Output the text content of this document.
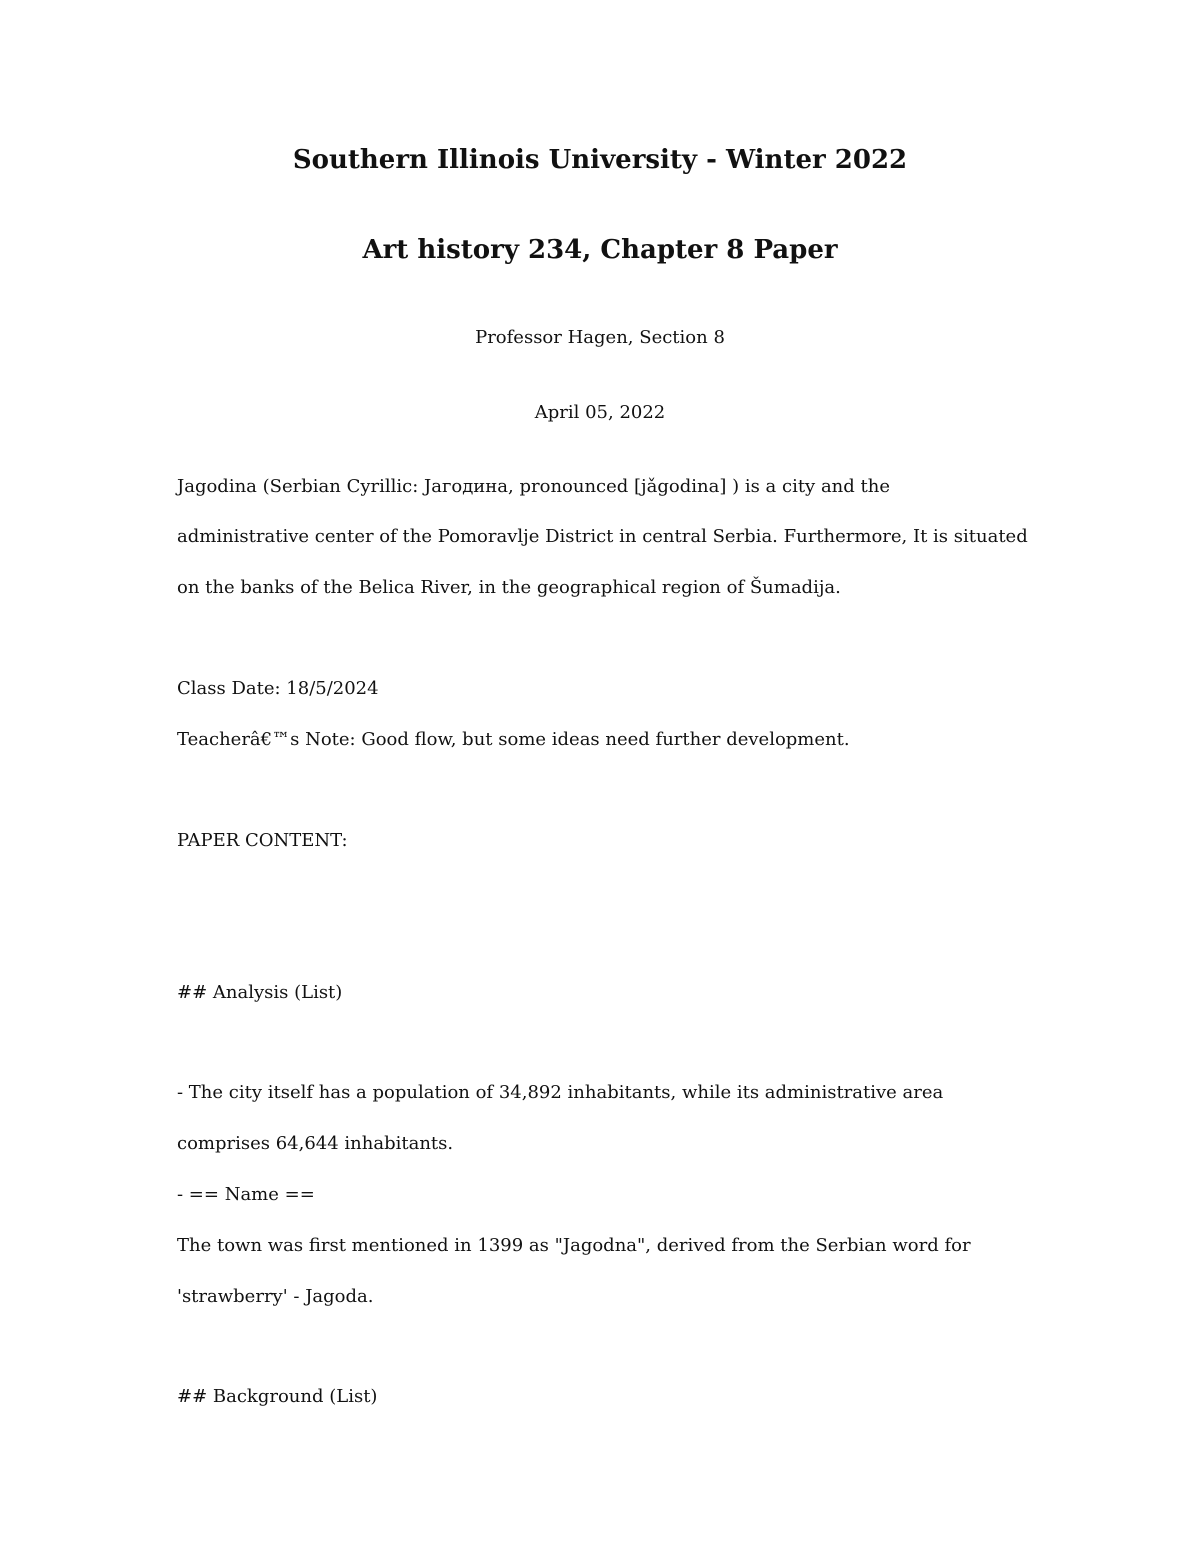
Southern Illinois University - Winter 2022
Art history 234, Chapter 8 Paper

Professor Hagen, Section 8

April 05, 2022

Jagodina (Serbian Cyrillic: Јагодина, pronounced [jǎgodina] ) is a city and the

administrative center of the Pomoravlje District in central Serbia. Furthermore, It is situated

on the banks of the Belica River, in the geographical region of Šumadija.

Class Date: 18/5/2024

Teacherâ€™s Note: Good flow, but some ideas need further development.

PAPER CONTENT:

## Analysis (List)

- The city itself has a population of 34,892 inhabitants, while its administrative area

comprises 64,644 inhabitants.

- == Name ==

The town was first mentioned in 1399 as "Jagodna", derived from the Serbian word for

'strawberry' - Jagoda.

## Background (List)
